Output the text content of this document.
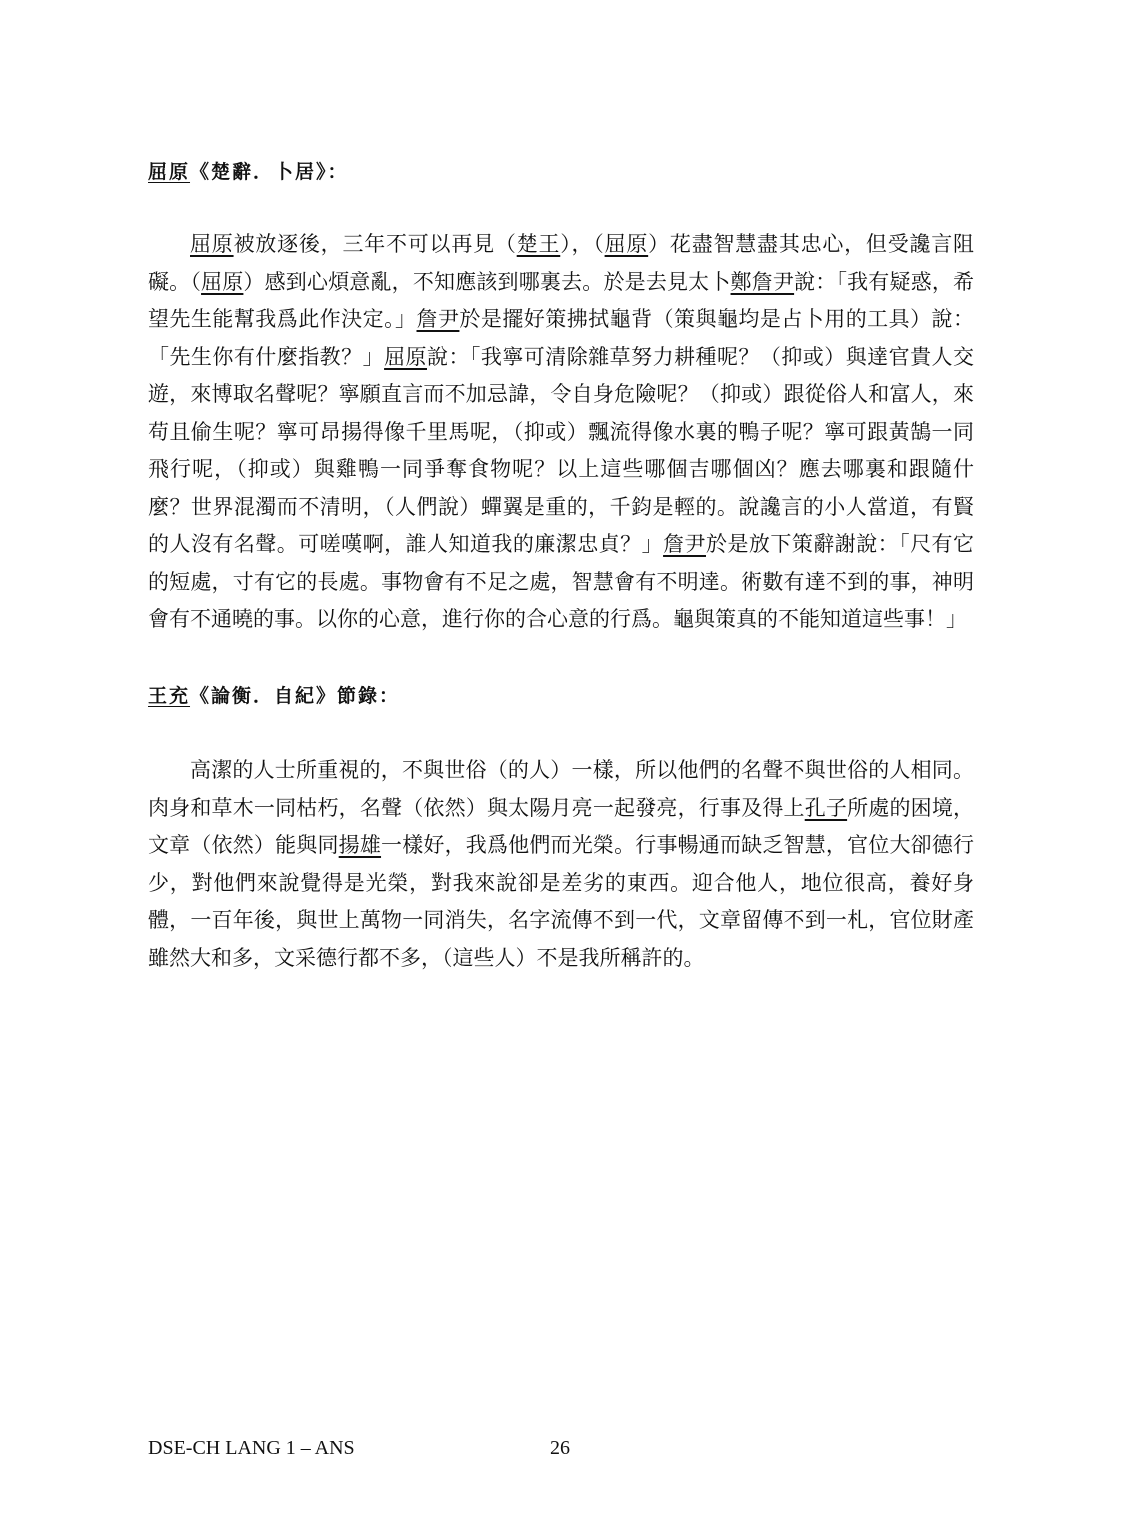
屈原《楚辭．卜居》：
屈原被放逐後，三年不可以再見（楚王），（屈原）花盡智慧盡其忠心，但受讒言阻礙。（屈原）感到心煩意亂，不知應該到哪裏去。於是去見太卜鄭詹尹說：「我有疑惑，希望先生能幫我爲此作決定。」詹尹於是擺好策拂拭龜背（策與龜均是占卜用的工具）說：「先生你有什麼指教？」屈原說：「我寧可清除雜草努力耕種呢？（抑或）與達官貴人交遊，來博取名聲呢？寧願直言而不加忌諱，令自身危險呢？（抑或）跟從俗人和富人，來苟且偷生呢？寧可昂揚得像千里馬呢，（抑或）飄流得像水裏的鴨子呢？寧可跟黃鵠一同飛行呢，（抑或）與雞鴨一同爭奪食物呢？以上這些哪個吉哪個凶？應去哪裏和跟隨什麼？世界混濁而不清明，（人們說）蟬翼是重的，千鈞是輕的。說讒言的小人當道，有賢的人沒有名聲。可嗟嘆啊，誰人知道我的廉潔忠貞？」詹尹於是放下策辭謝說：「尺有它的短處，寸有它的長處。事物會有不足之處，智慧會有不明達。術數有達不到的事，神明會有不通曉的事。以你的心意，進行你的合心意的行爲。龜與策真的不能知道這些事！」
王充《論衡．自紀》節錄：
高潔的人士所重視的，不與世俗（的人）一樣，所以他們的名聲不與世俗的人相同。肉身和草木一同枯朽，名聲（依然）與太陽月亮一起發亮，行事及得上孔子所處的困境，文章（依然）能與同揚雄一樣好，我爲他們而光榮。行事暢通而缺乏智慧，官位大卻德行少，對他們來說覺得是光榮，對我來說卻是差劣的東西。迎合他人，地位很高，養好身體，一百年後，與世上萬物一同消失，名字流傳不到一代，文章留傳不到一札，官位財產雖然大和多，文采德行都不多，（這些人）不是我所稱許的。
DSE-CH LANG 1 – ANS	26
